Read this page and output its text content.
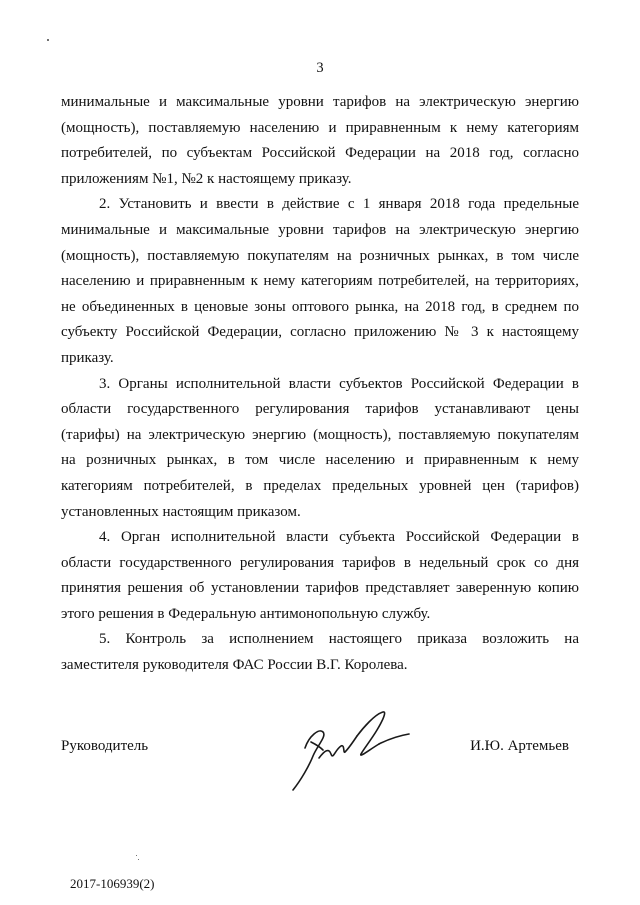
3
минимальные и максимальные уровни тарифов на электрическую энергию
(мощность), поставляемую населению и приравненным к нему категориям
потребителей, по субъектам Российской Федерации на 2018 год, согласно
приложениям №1, №2 к настоящему приказу.
2. Установить и ввести в действие с 1 января 2018 года предельные
минимальные и максимальные уровни тарифов на электрическую энергию
(мощность), поставляемую покупателям на розничных рынках, в том числе
населению и приравненным к нему категориям потребителей, на территориях,
не объединенных в ценовые зоны оптового рынка, на 2018 год, в среднем по
субъекту Российской Федерации, согласно приложению № 3 к настоящему
приказу.
3. Органы исполнительной власти субъектов Российской Федерации в
области государственного регулирования тарифов устанавливают цены
(тарифы) на электрическую энергию (мощность), поставляемую покупателям
на розничных рынках, в том числе населению и приравненным к нему
категориям потребителей, в пределах предельных уровней цен (тарифов)
установленных настоящим приказом.
4. Орган исполнительной власти субъекта Российской Федерации в
области государственного регулирования тарифов в недельный срок со дня
принятия решения об установлении тарифов представляет заверенную копию
этого решения в Федеральную антимонопольную службу.
5. Контроль за исполнением настоящего приказа возложить на
заместителя руководителя ФАС России В.Г. Королева.
Руководитель	И.Ю. Артемьев
2017-106939(2)
